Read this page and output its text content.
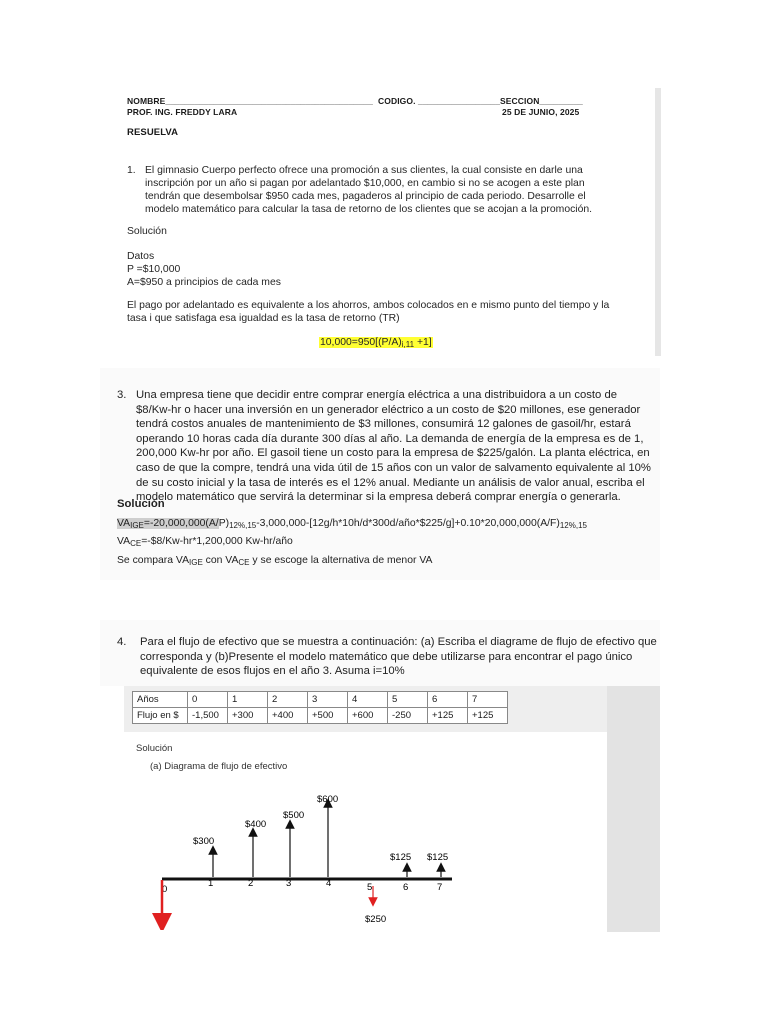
NOMBRE___________________________________________ CODIGO. _________________ SECCION_________
PROF. ING. FREDDY LARA	25 DE JUNIO, 2025
RESUELVA
1. El gimnasio Cuerpo perfecto ofrece una promoción a sus clientes, la cual consiste en darle una
inscripción por un año si pagan por adelantado $10,000, en cambio si no se acogen a este plan
tendrán que desembolsar $950 cada mes, pagaderos al principio de cada periodo. Desarrolle el
modelo matemático para calcular la tasa de retorno de los clientes que se acojan a la promoción.
Solución
Datos
P =$10,000
A=$950 a principios de cada mes
El pago por adelantado es equivalente a los ahorros, ambos colocados en e mismo punto del tiempo y la
tasa i que satisfaga esa igualdad es la tasa de retorno (TR)
$10,000=950[(P/A)_{i,11} +1]$
3. Una empresa tiene que decidir entre comprar energía eléctrica a una distribuidora a un costo de
$8/Kw-hr o hacer una inversión en un generador eléctrico a un costo de $20 millones, ese generador
tendrá costos anuales de mantenimiento de $3 millones, consumirá 12 galones de gasoil/hr, estará
operando 10 horas cada día durante 300 días al año. La demanda de energía de la empresa es de 1,
200,000 Kw-hr por año. El gasoil tiene un costo para la empresa de $225/galón. La planta eléctrica, en
caso de que la compre, tendrá una vida útil de 15 años con un valor de salvamento equivalente al 10%
de su costo inicial y la tasa de interés es el 12% anual. Mediante un análisis de valor anual, escriba el
modelo matemático que servirá la determinar si la empresa deberá comprar energía o generarla.
Solución
$VA_{IGE}=-20,000,000(A/P)_{12\%,15}-3,000,000-[12g/h*10h/d*300d/año*\$225/g]+0.10*20,000,000(A/F)_{12\%,15}$
$VA_{CE}=-\$8/Kw-hr*1,200,000$ Kw-hr/año
Se compara $VA_{IGE}$ con $VA_{CE}$ y se escoge la alternativa de menor VA
4. Para el flujo de efectivo que se muestra a continuación: (a) Escriba el diagrame de flujo de efectivo que
corresponda y (b)Presente el modelo matemático que debe utilizarse para encontrar el pago único
equivalente de esos flujos en el año 3. Asuma i=10%
Años	0	1	2	3	4	5	6	7
Flujo en $	-1,500	+300	+400	+500	+600	-250	+125	+125
Solución
(a) Diagrama de flujo de efectivo
0
1	2	3	4	5	6	7
$300
$400
$500
$600
$125 $125
$250
